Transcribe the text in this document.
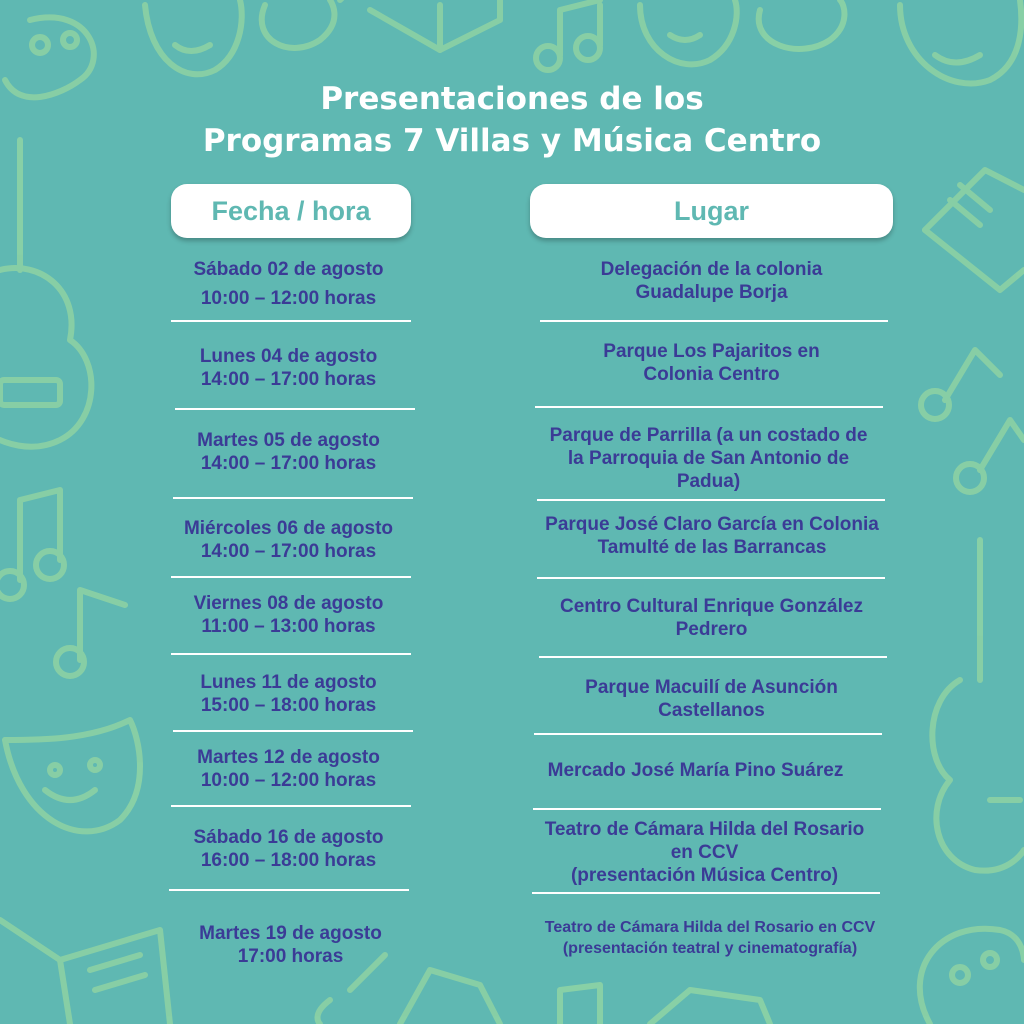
Presentaciones de los
Programas 7 Villas y Música Centro
Fecha / hora	Lugar
Sábado 02 de agosto
10:00 – 12:00 horas
Delegación de la colonia
Guadalupe Borja
Lunes 04 de agosto
14:00 – 17:00 horas
Parque Los Pajaritos en
Colonia Centro
Martes 05 de agosto
14:00 – 17:00 horas
Parque de Parrilla (a un costado de
la Parroquia de San Antonio de
Padua)
Miércoles 06 de agosto
14:00 – 17:00 horas
Parque José Claro García en Colonia
Tamulté de las Barrancas
Viernes 08 de agosto
11:00 – 13:00 horas
Centro Cultural Enrique González
Pedrero
Lunes 11 de agosto
15:00 – 18:00 horas
Parque Macuilí de Asunción
Castellanos
Martes 12 de agosto
10:00 – 12:00 horas	Mercado José María Pino Suárez
Sábado 16 de agosto
16:00 – 18:00 horas
Teatro de Cámara Hilda del Rosario
en CCV
(presentación Música Centro)
Martes 19 de agosto
17:00 horas
Teatro de Cámara Hilda del Rosario en CCV
(presentación teatral y cinematografía)
